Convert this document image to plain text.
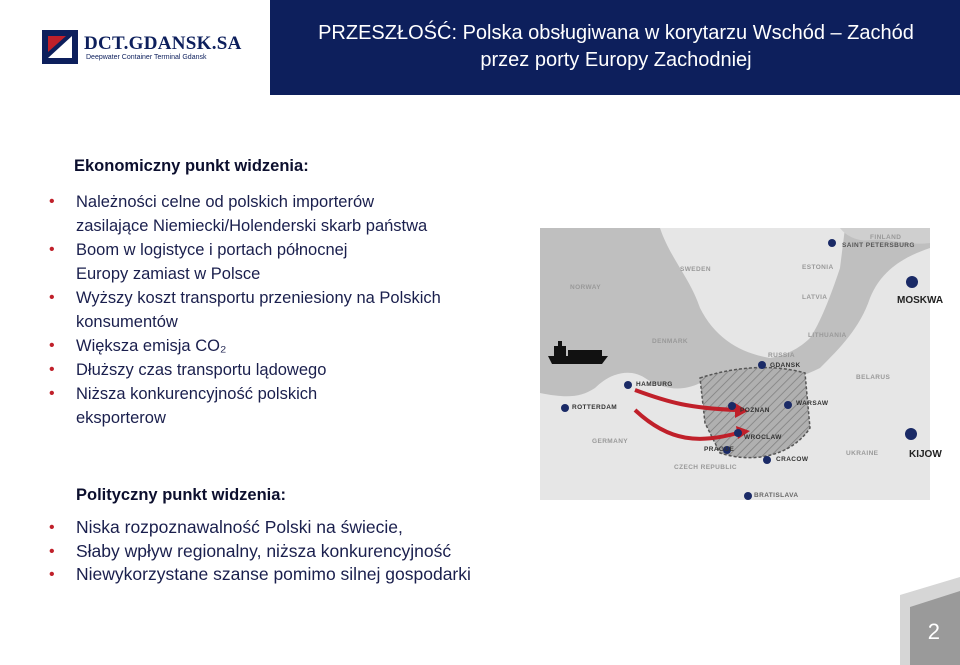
DCT.GDANSK.SA
Deepwater Container Terminal Gdansk
PRZESZŁOŚĆ: Polska obsługiwana w korytarzu Wschód – Zachód
przez porty Europy Zachodniej
Ekonomiczny punkt widzenia:
• Należności celne od polskich importerów zasilające Niemiecki/Holenderski skarb państwa
• Boom w logistyce i portach północnej Europy zamiast w Polsce
• Wyższy koszt transportu przeniesiony na Polskich konsumentów
• Większa emisja CO₂
• Dłuższy czas transportu lądowego
• Niższa konkurencyjność polskich eksporterow
Polityczny punkt widzenia:
• Niska rozpoznawalność Polski na świecie,
• Słaby wpływ regionalny, niższa konkurencyjność
• Niewykorzystane szanse pomimo silnej gospodarki
SAINT PETERSBURG
GDANSK
HAMBURG
ROTTERDAM
WARSAW
POZNAN
WROCLAW
PRAGUE
CRACOW
BRATISLAVA
SWEDEN	ESTONIA
LATVIA
LITHUANIA
RUSSIA
BELARUS
GERMANY
CZECH REPUBLIC
UKRAINE
DENMARK
FINLAND
NORWAY
MOSKWA
KIJOW
2
